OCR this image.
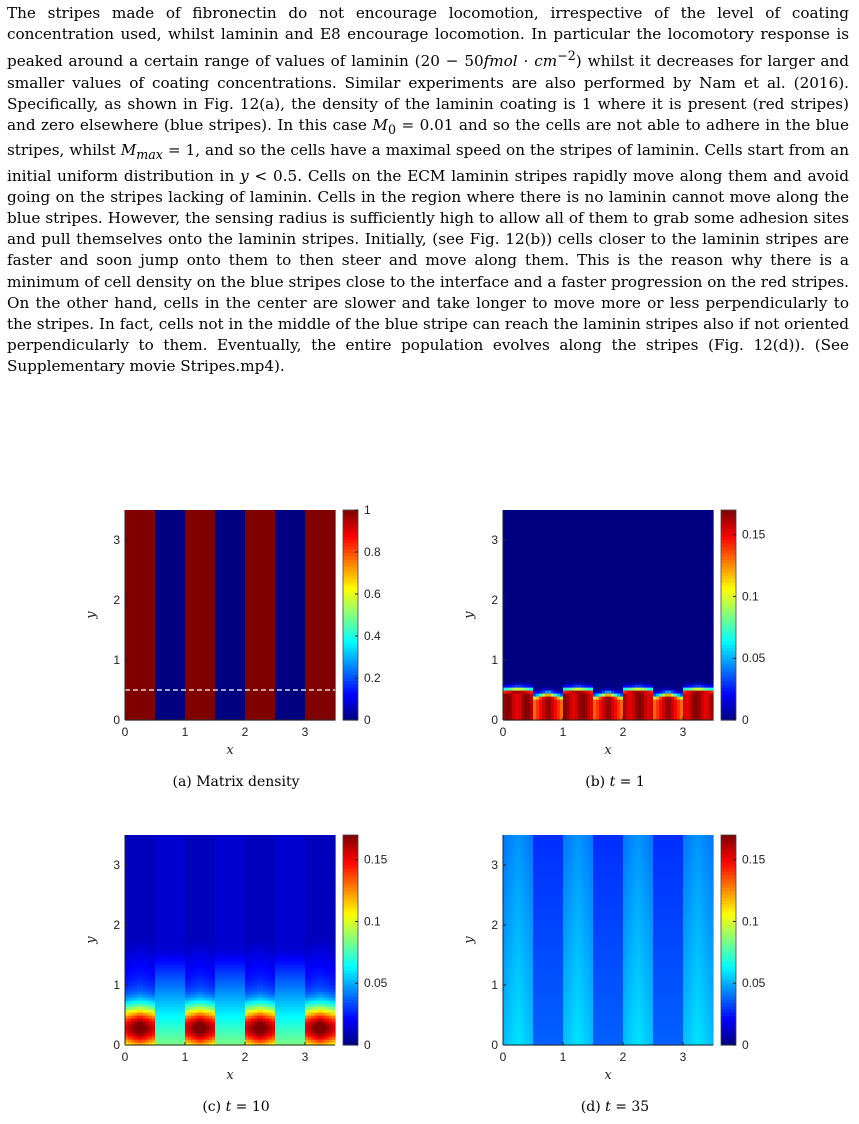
The stripes made of fibronectin do not encourage locomotion, irrespective of the level of coating concentration used, whilst laminin and E8 encourage locomotion. In particular the locomotory response is peaked around a certain range of values of laminin (20 − 50fmol · $cm^{-2}$) whilst it decreases for larger and smaller values of coating concentrations. Similar experiments are also performed by Nam et al. (2016). Specifically, as shown in Fig. 12(a), the density of the laminin coating is 1 where it is present (red stripes) and zero elsewhere (blue stripes). In this case $M_0 = 0.01$ and so the cells are not able to adhere in the blue stripes, whilst $M_{max} = 1$, and so the cells have a maximal speed on the stripes of laminin. Cells start from an initial uniform distribution in y < 0.5. Cells on the ECM laminin stripes rapidly move along them and avoid going on the stripes lacking of laminin. Cells in the region where there is no laminin cannot move along the blue stripes. However, the sensing radius is sufficiently high to allow all of them to grab some adhesion sites and pull themselves onto the laminin stripes. Initially, (see Fig. 12(b)) cells closer to the laminin stripes are faster and soon jump onto them to then steer and move along them. This is the reason why there is a minimum of cell density on the blue stripes close to the interface and a faster progression on the red stripes. On the other hand, cells in the center are slower and take longer to move more or less perpendicularly to the stripes. In fact, cells not in the middle of the blue stripe can reach the laminin stripes also if not oriented perpendicularly to them. Eventually, the entire population evolves along the stripes (Fig. 12(d)). (See Supplementary movie Stripes.mp4).

0	1	2	3
0
1
2
3
x
y
0
0.2
0.4
0.6
0.8
1
(a) Matrix density
0	1	2	3
0
1
2
3
x
y
0
0.05
0.1
0.15
(b) t = 1
0	1	2	3
0
1
2
3
x
y
0
0.05
0.1
0.15
(c) t = 10
0	1	2	3
0
1
2
3
x
y
0
0.05
0.1
0.15
(d) t = 35
